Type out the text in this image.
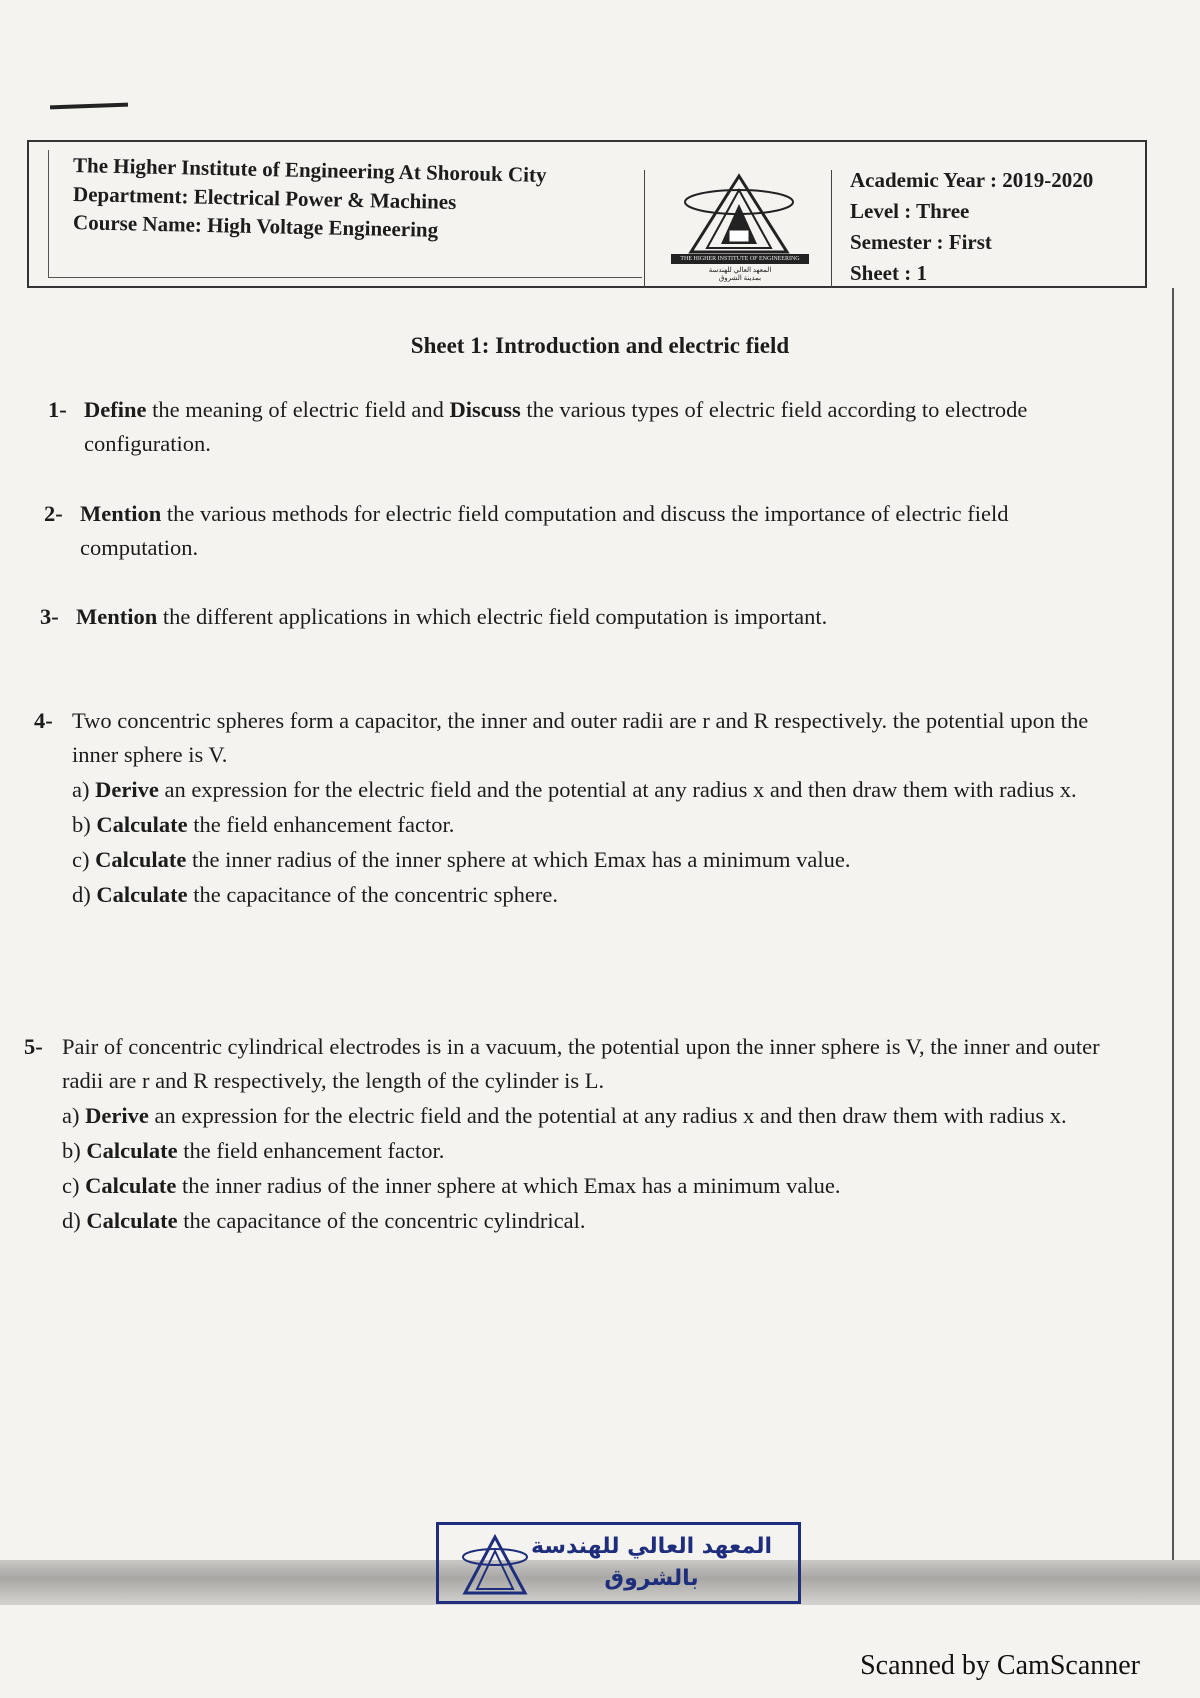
The Higher Institute of Engineering At Shorouk City
Department: Electrical Power & Machines
Course Name: High Voltage Engineering
THE HIGHER INSTITUTE OF ENGINEERING
المعهد العالي للهندسة بمدينة الشروق
Academic Year : 2019-2020
Level : Three
Semester : First
Sheet : 1
Sheet 1: Introduction and electric field
1- Define the meaning of electric field and Discuss the various types of electric field according to electrode configuration.

2- Mention the various methods for electric field computation and discuss the importance of electric field computation.

3- Mention the different applications in which electric field computation is important.

4- Two concentric spheres form a capacitor, the inner and outer radii are r and R respectively. the potential upon the inner sphere is V.

a) Derive an expression for the electric field and the potential at any radius x and then draw them with radius x.

b) Calculate the field enhancement factor.

c) Calculate the inner radius of the inner sphere at which Emax has a minimum value.

d) Calculate the capacitance of the concentric sphere.

5- Pair of concentric cylindrical electrodes is in a vacuum, the potential upon the inner sphere is V, the inner and outer radii are r and R respectively, the length of the cylinder is L.

a) Derive an expression for the electric field and the potential at any radius x and then draw them with radius x.

b) Calculate the field enhancement factor.

c) Calculate the inner radius of the inner sphere at which Emax has a minimum value.

d) Calculate the capacitance of the concentric cylindrical.

المعهد العالي للهندسة
بالشروق
Scanned by CamScanner
